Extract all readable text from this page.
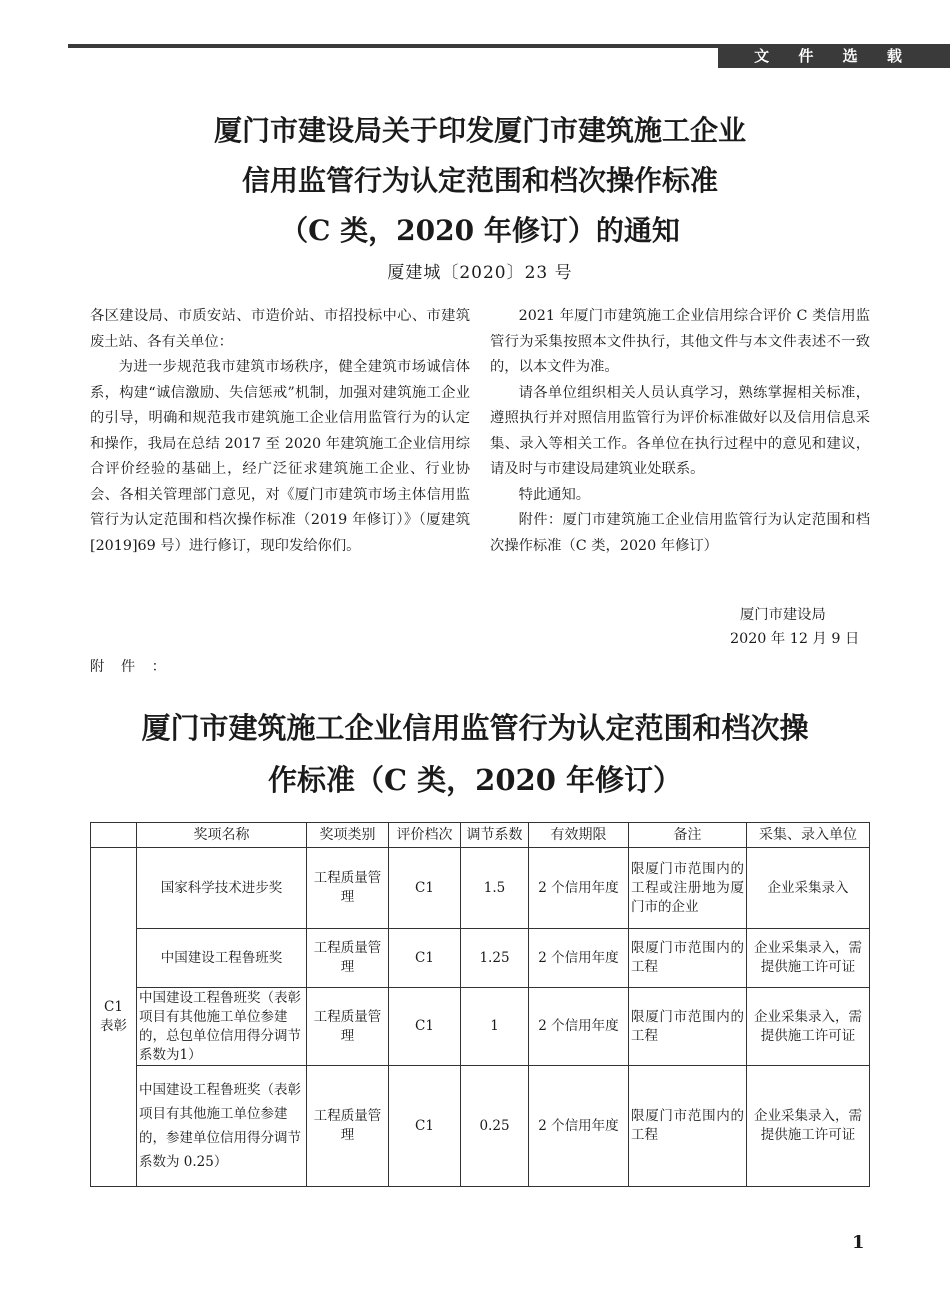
文 件 选 载
厦门市建设局关于印发厦门市建筑施工企业
信用监管行为认定范围和档次操作标准
（C 类，2020 年修订）的通知
厦建城〔2020〕23 号

各区建设局、市质安站、市造价站、市招投标中心、市建筑废土站、各有关单位：

为进一步规范我市建筑市场秩序，健全建筑市场诚信体系，构建“诚信激励、失信惩戒”机制，加强对建筑施工企业的引导，明确和规范我市建筑施工企业信用监管行为的认定和操作，我局在总结 2017 至 2020 年建筑施工企业信用综合评价经验的基础上，经广泛征求建筑施工企业、行业协会、各相关管理部门意见，对《厦门市建筑市场主体信用监管行为认定范围和档次操作标准（2019 年修订）》（厦建筑[2019]69 号）进行修订，现印发给你们。

2021 年厦门市建筑施工企业信用综合评价 C 类信用监管行为采集按照本文件执行，其他文件与本文件表述不一致的，以本文件为准。

请各单位组织相关人员认真学习，熟练掌握相关标准，遵照执行并对照信用监管行为评价标准做好以及信用信息采集、录入等相关工作。各单位在执行过程中的意见和建议，请及时与市建设局建筑业处联系。

特此通知。

附件：厦门市建筑施工企业信用监管行为认定范围和档次操作标准（C 类，2020 年修订）

厦门市建设局
2020 年 12 月 9 日
附 件 ：
厦门市建筑施工企业信用监管行为认定范围和档次操
作标准（C 类，2020 年修订）
	奖项名称	奖项类别	评价档次	调节系数	有效期限	备注	采集、录入单位
C1
表彰	国家科学技术进步奖	工程质量管理	C1	1.5	2 个信用年度	限厦门市范围内的工程或注册地为厦门市的企业	企业采集录入
	中国建设工程鲁班奖	工程质量管理	C1	1.25	2 个信用年度	限厦门市范围内的工程	企业采集录入，需提供施工许可证
	中国建设工程鲁班奖（表彰项目有其他施工单位参建的，总包单位信用得分调节系数为1）	工程质量管理	C1	1	2 个信用年度	限厦门市范围内的工程	企业采集录入，需提供施工许可证
	中国建设工程鲁班奖（表彰项目有其他施工单位参建的，参建单位信用得分调节系数为 0.25）	工程质量管理	C1	0.25	2 个信用年度	限厦门市范围内的工程	企业采集录入，需提供施工许可证
1
